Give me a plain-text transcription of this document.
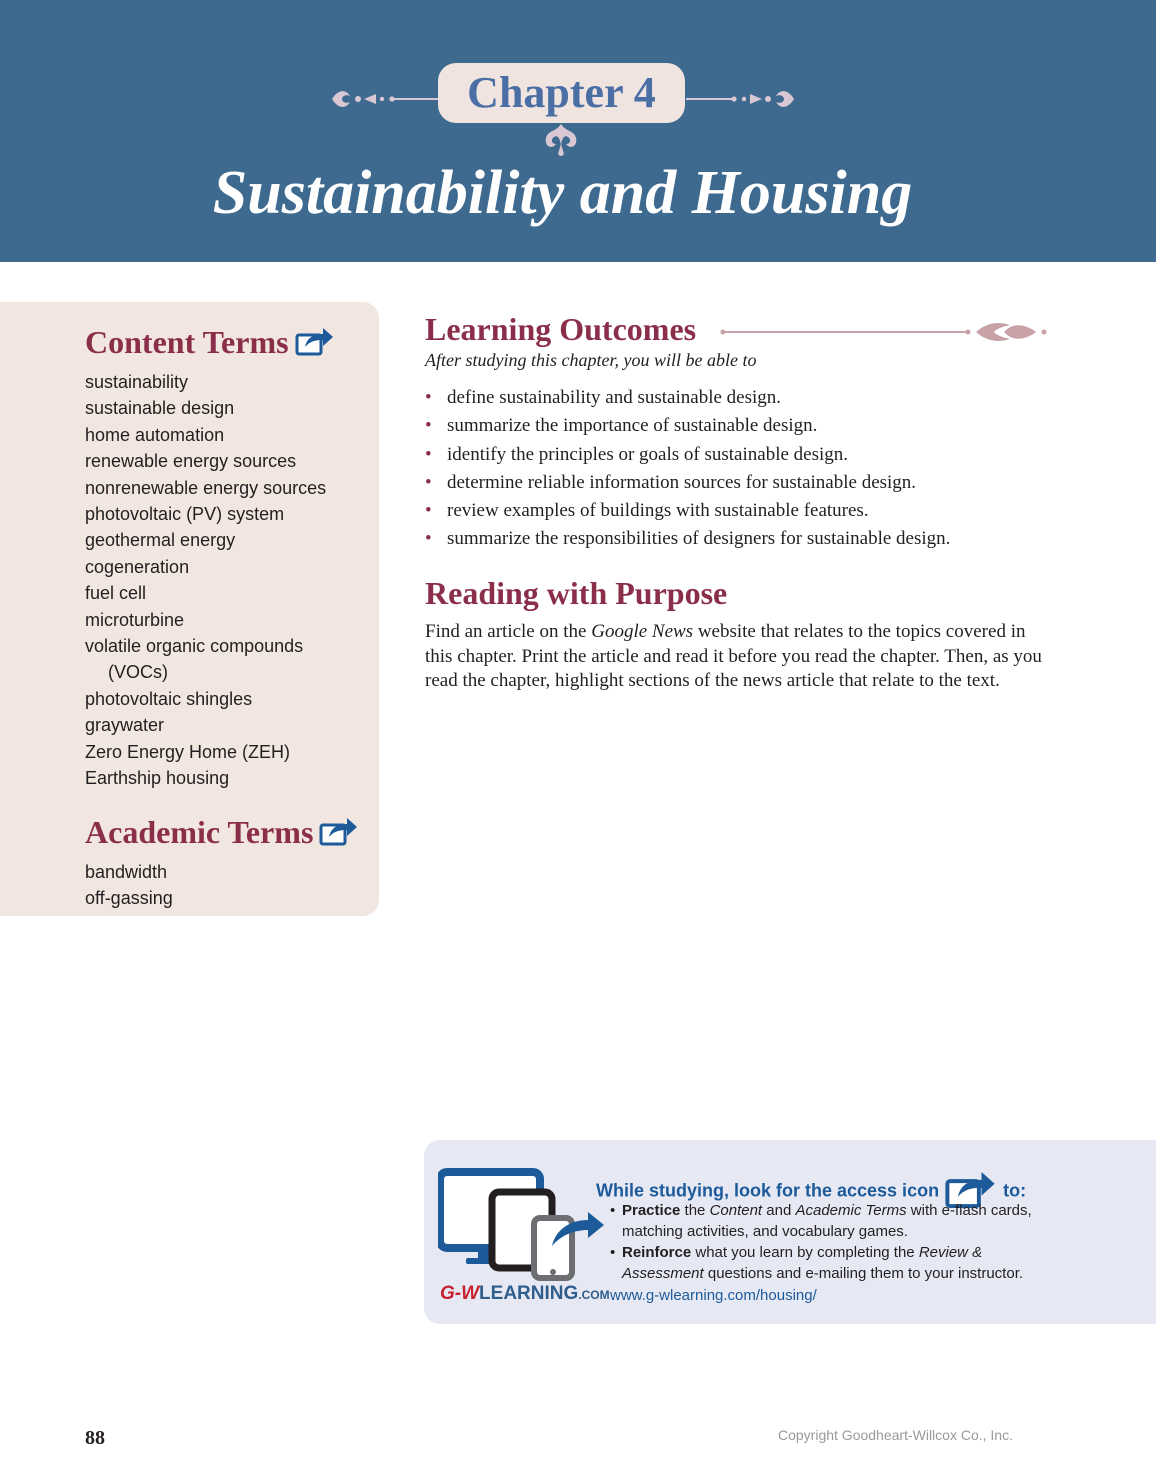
Chapter 4
Sustainability and Housing
Content Terms
sustainability
sustainable design
home automation
renewable energy sources
nonrenewable energy sources
photovoltaic (PV) system
geothermal energy
cogeneration
fuel cell
microturbine
volatile organic compounds
(VOCs)
photovoltaic shingles
graywater
Zero Energy Home (ZEH)
Earthship housing
Academic Terms
bandwidth
off-gassing
Learning Outcomes
After studying this chapter, you will be able to
• define sustainability and sustainable design.
• summarize the importance of sustainable design.
• identify the principles or goals of sustainable design.
• determine reliable information sources for sustainable design.
• review examples of buildings with sustainable features.
• summarize the responsibilities of designers for sustainable design.
Reading with Purpose

Find an article on the Google News website that relates to the topics covered in this chapter. Print the article and read it before you read the chapter. Then, as you read the chapter, highlight sections of the news article that relate to the text.

G-WLEARNING.COM
While studying, look for the access icon	to:
• Practice the Content and Academic Terms with e-flash cards, matching activities, and vocabulary games.
• Reinforce what you learn by completing the Review & Assessment questions and e-mailing them to your instructor.
www.g-wlearning.com/housing/
88	Copyright Goodheart-Willcox Co., Inc.
